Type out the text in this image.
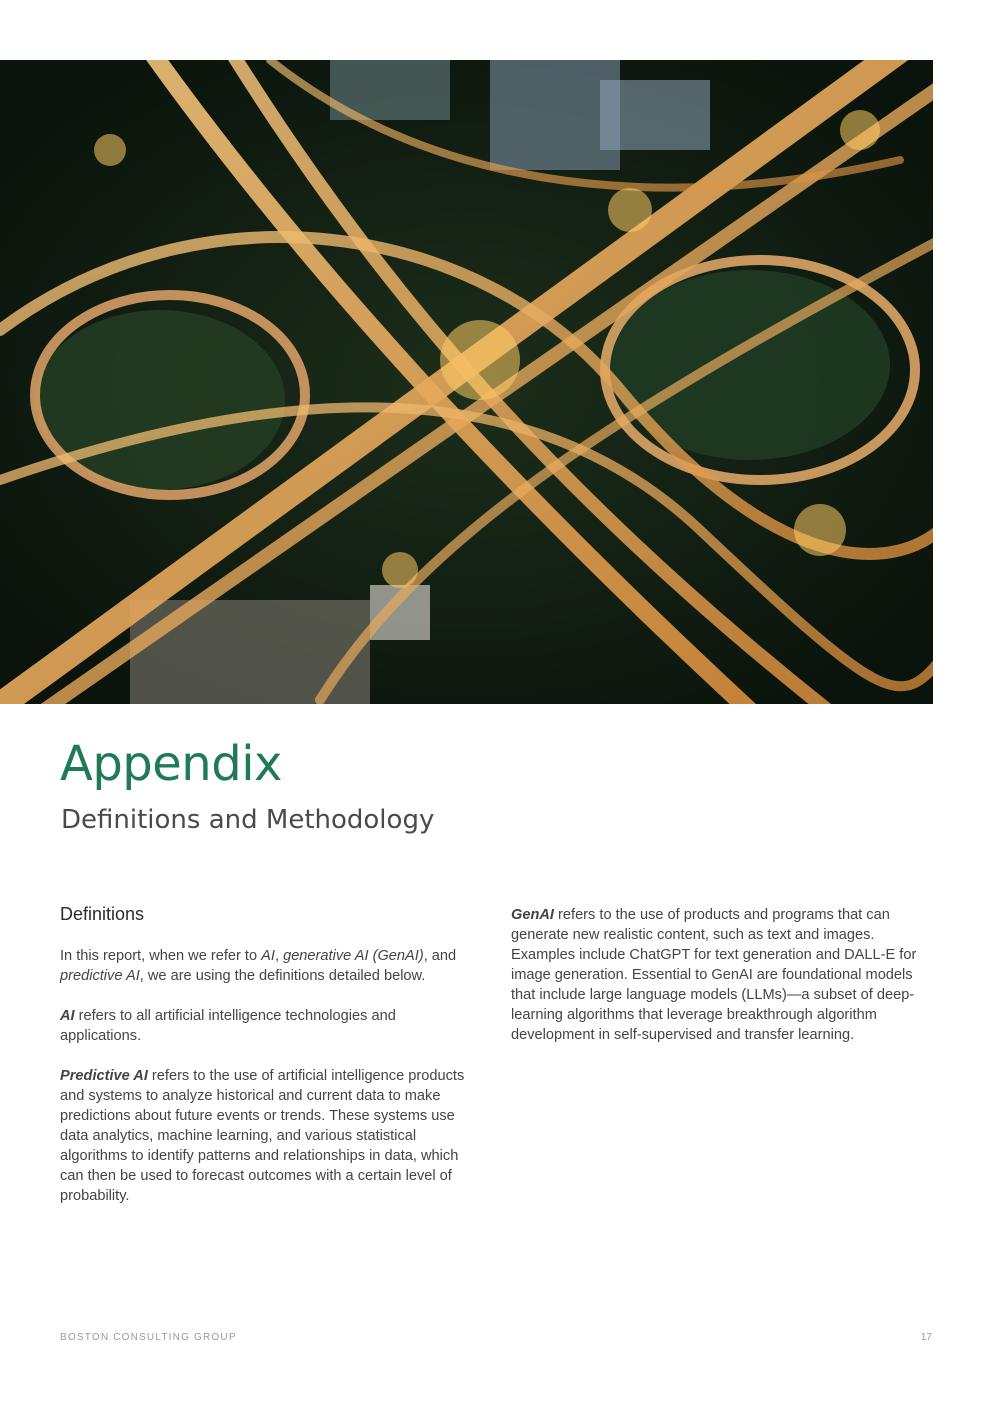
Appendix
Definitions and Methodology
Definitions

In this report, when we refer to AI, generative AI (GenAI), and predictive AI, we are using the definitions detailed below.

AI refers to all artificial intelligence technologies and applications.

Predictive AI refers to the use of artificial intelligence products and systems to analyze historical and current data to make predictions about future events or trends. These systems use data analytics, machine learning, and various statistical algorithms to identify patterns and relationships in data, which can then be used to forecast outcomes with a certain level of probability.

GenAI refers to the use of products and programs that can generate new realistic content, such as text and images. Examples include ChatGPT for text generation and DALL-E for image generation. Essential to GenAI are foundational models that include large language models (LLMs)—a subset of deep-learning algorithms that leverage breakthrough algorithm development in self-supervised and transfer learning.

BOSTON CONSULTING GROUP	17
